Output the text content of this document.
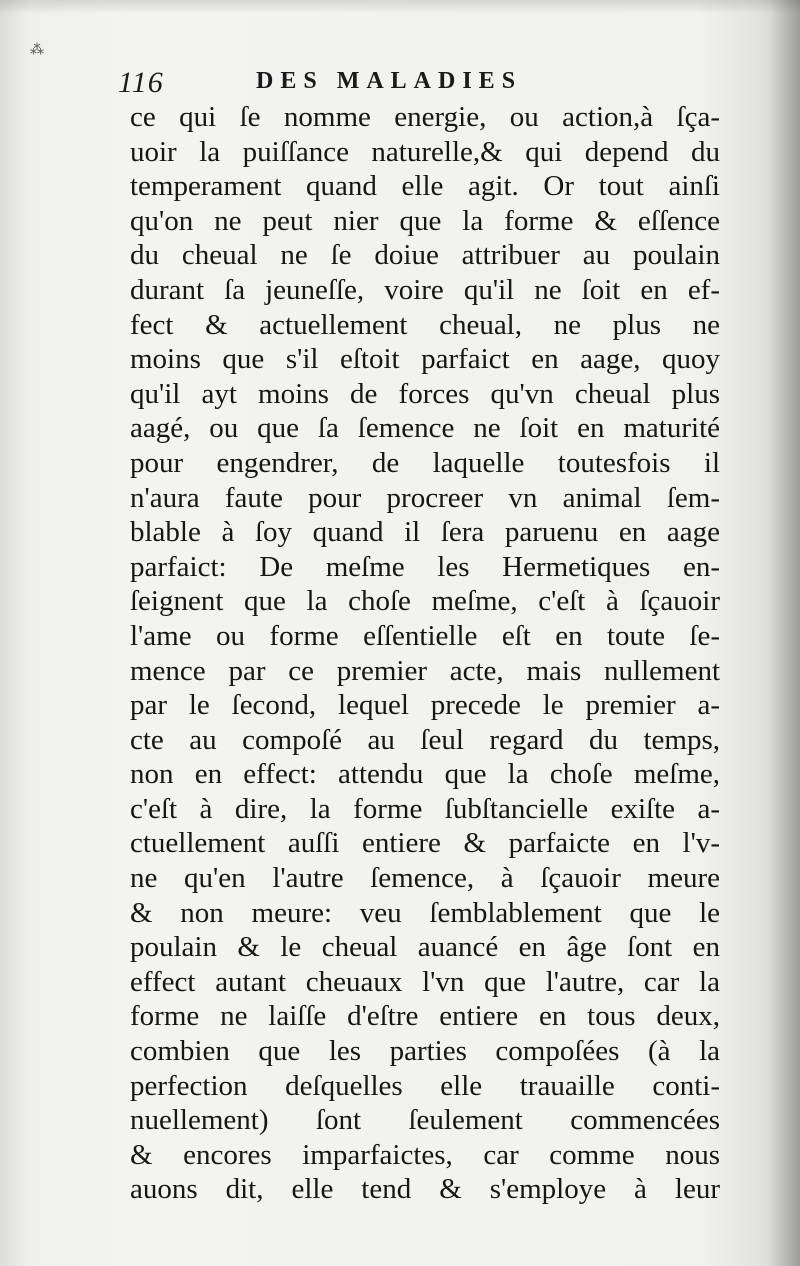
⁂
116	DES MALADIES
ce qui ſe nomme energie, ou action,à ſça-
uoir la puiſſance naturelle,& qui depend du
temperament quand elle agit. Or tout ainſi
qu'on ne peut nier que la forme & eſſence
du cheual ne ſe doiue attribuer au poulain
durant ſa jeuneſſe, voire qu'il ne ſoit en ef-
fect & actuellement cheual, ne plus ne
moins que s'il eſtoit parfaict en aage, quoy
qu'il ayt moins de forces qu'vn cheual plus
aagé, ou que ſa ſemence ne ſoit en maturité
pour engendrer, de laquelle toutesfois il
n'aura faute pour procreer vn animal ſem-
blable à ſoy quand il ſera paruenu en aage
parfaict: De meſme les Hermetiques en-
ſeignent que la choſe meſme, c'eſt à ſçauoir
l'ame ou forme eſſentielle eſt en toute ſe-
mence par ce premier acte, mais nullement
par le ſecond, lequel precede le premier a-
cte au compoſé au ſeul regard du temps,
non en effect: attendu que la choſe meſme,
c'eſt à dire, la forme ſubſtancielle exiſte a-
ctuellement auſſi entiere & parfaicte en l'v-
ne qu'en l'autre ſemence, à ſçauoir meure
& non meure: veu ſemblablement que le
poulain & le cheual auancé en âge ſont en
effect autant cheuaux l'vn que l'autre, car la
forme ne laiſſe d'eſtre entiere en tous deux,
combien que les parties compoſées (à la
perfection deſquelles elle trauaille conti-
nuellement) ſont ſeulement commencées
& encores imparfaictes, car comme nous
auons dit, elle tend & s'employe à leur
